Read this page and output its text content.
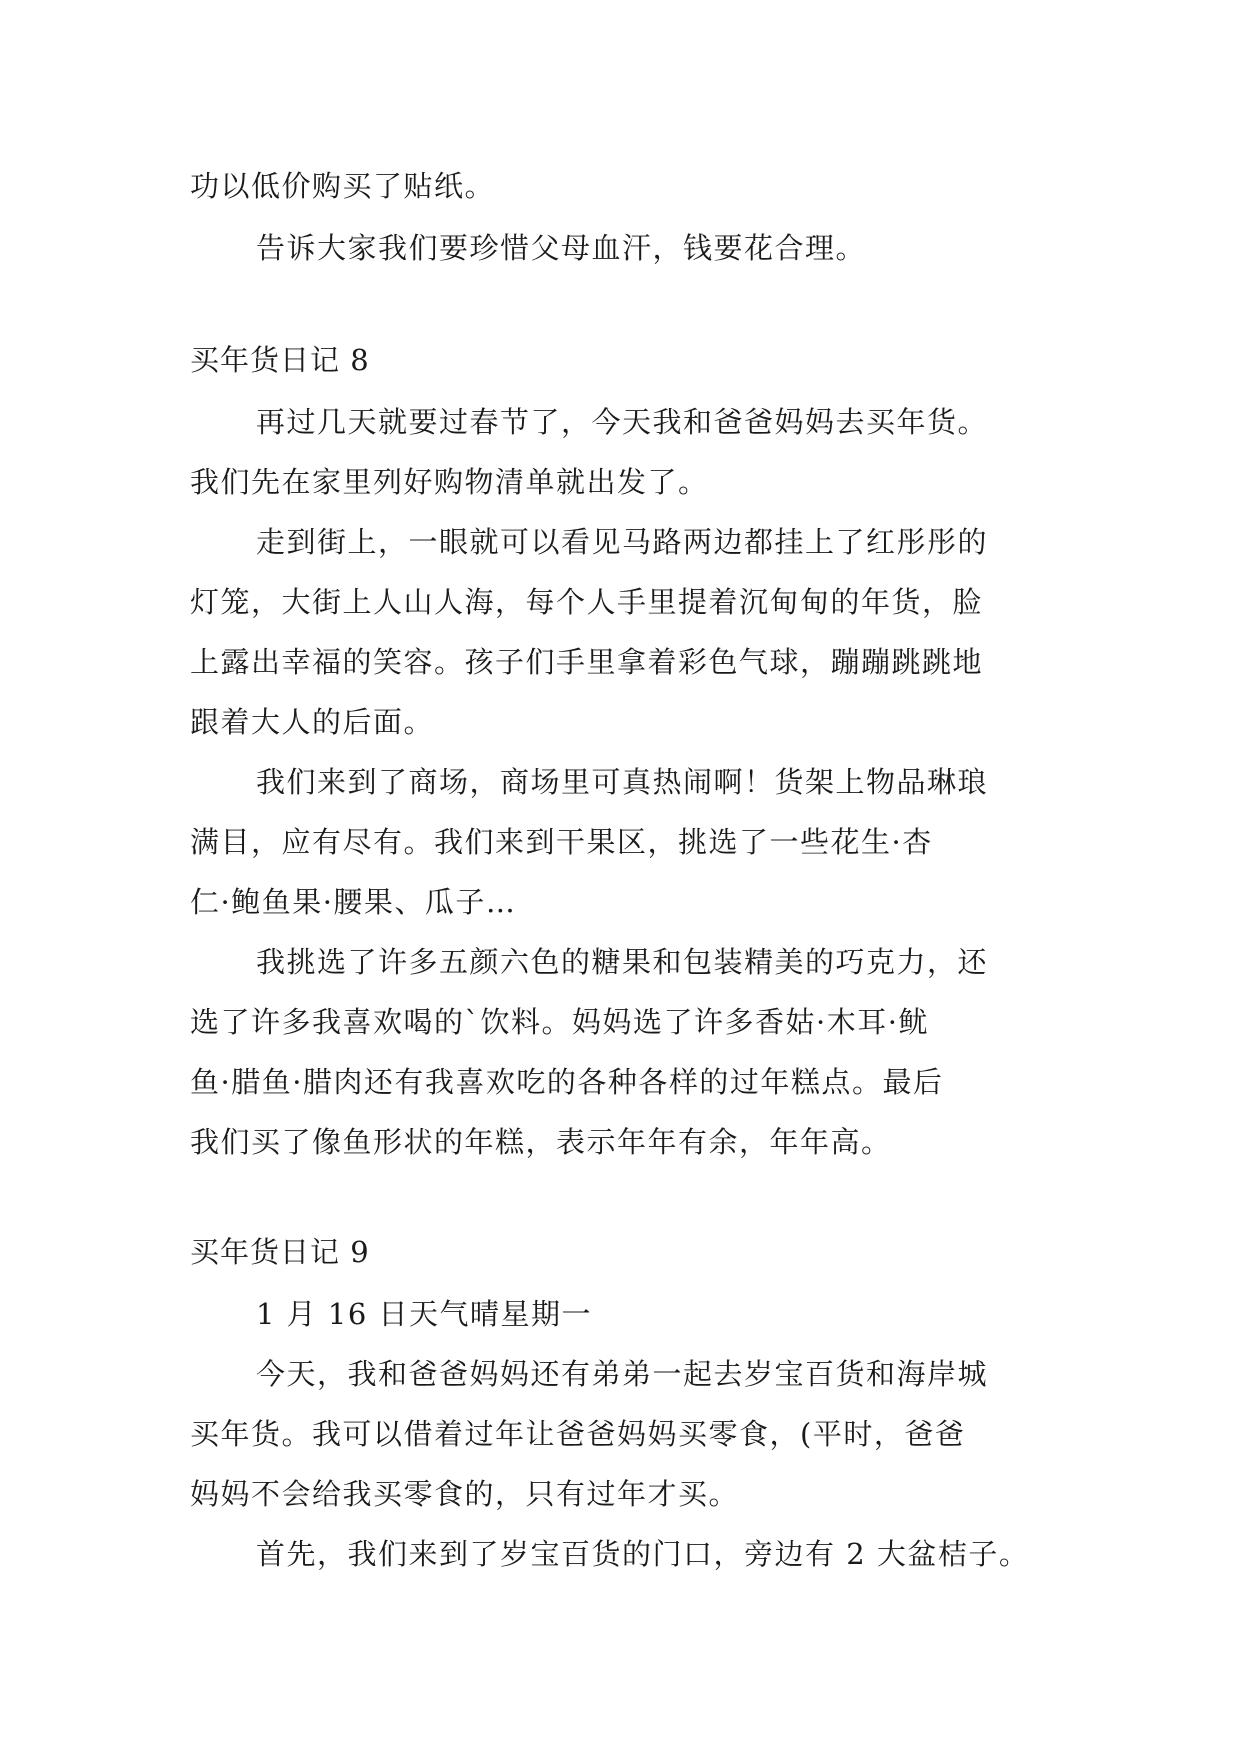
功以低价购买了贴纸。
告诉大家我们要珍惜父母血汗，钱要花合理。
买年货日记 8
再过几天就要过春节了，今天我和爸爸妈妈去买年货。
我们先在家里列好购物清单就出发了。
走到街上，一眼就可以看见马路两边都挂上了红彤彤的
灯笼，大街上人山人海，每个人手里提着沉甸甸的年货，脸
上露出幸福的笑容。孩子们手里拿着彩色气球，蹦蹦跳跳地
跟着大人的后面。
我们来到了商场，商场里可真热闹啊！货架上物品琳琅
满目，应有尽有。我们来到干果区，挑选了一些花生·杏
仁·鲍鱼果·腰果、瓜子…
我挑选了许多五颜六色的糖果和包装精美的巧克力，还
选了许多我喜欢喝的`饮料。妈妈选了许多香姑·木耳·鱿
鱼·腊鱼·腊肉还有我喜欢吃的各种各样的过年糕点。最后
我们买了像鱼形状的年糕，表示年年有余，年年高。
买年货日记 9
1 月 16 日天气晴星期一
今天，我和爸爸妈妈还有弟弟一起去岁宝百货和海岸城
买年货。我可以借着过年让爸爸妈妈买零食，(平时，爸爸
妈妈不会给我买零食的，只有过年才买。
首先，我们来到了岁宝百货的门口，旁边有 2 大盆桔子。
